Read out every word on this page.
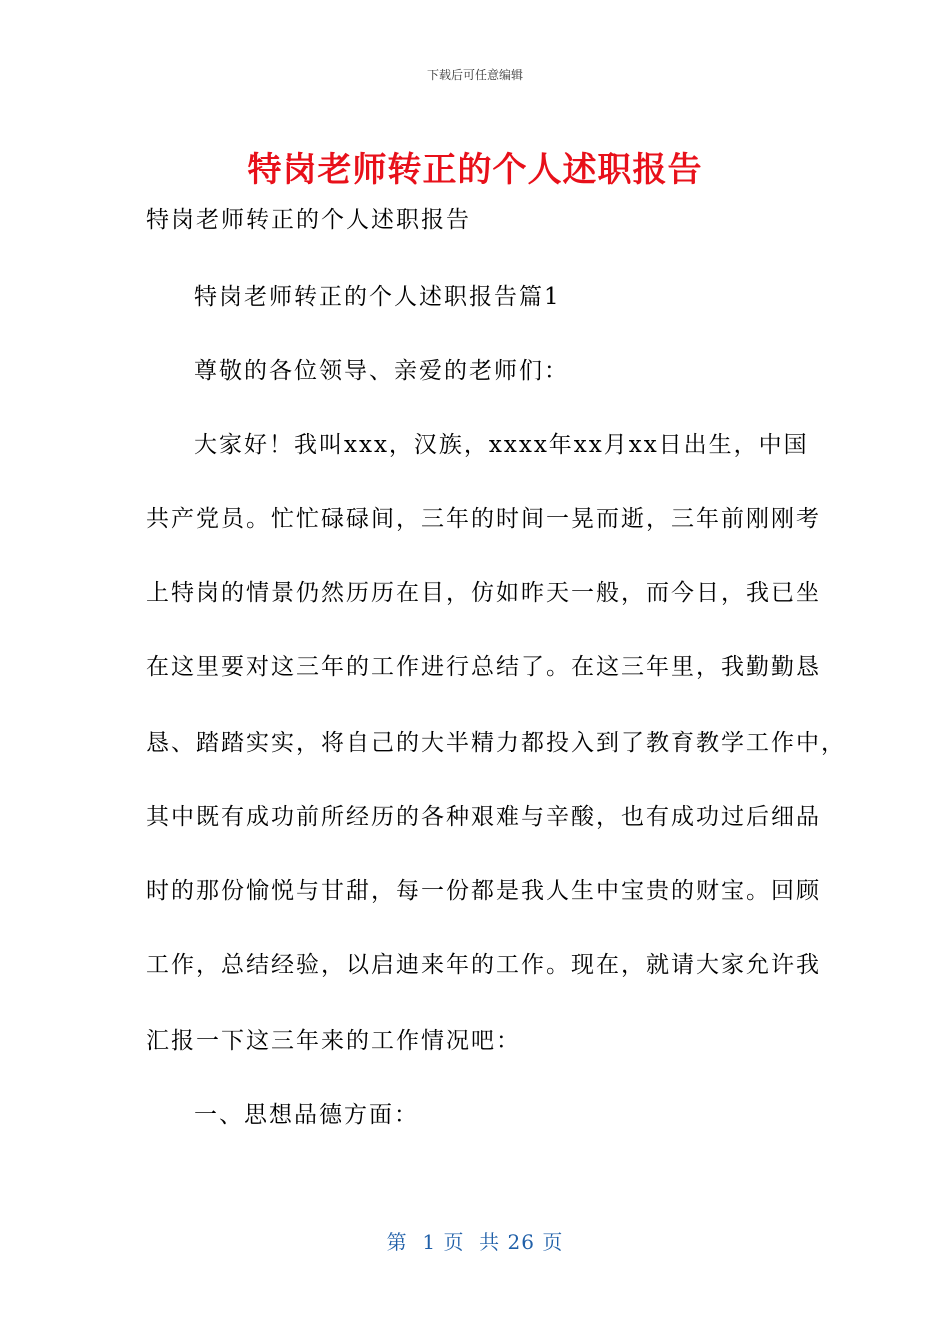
下载后可任意编辑
特岗老师转正的个人述职报告
特岗老师转正的个人述职报告
特岗老师转正的个人述职报告篇1
尊敬的各位领导、亲爱的老师们：
大家好！我叫xxx，汉族，xxxx年xx月xx日出生，中国
共产党员。忙忙碌碌间，三年的时间一晃而逝，三年前刚刚考
上特岗的情景仍然历历在目，仿如昨天一般，而今日，我已坐
在这里要对这三年的工作进行总结了。在这三年里，我勤勤恳
恳、踏踏实实，将自己的大半精力都投入到了教育教学工作中，
其中既有成功前所经历的各种艰难与辛酸，也有成功过后细品
时的那份愉悦与甘甜，每一份都是我人生中宝贵的财宝。回顾
工作，总结经验，以启迪来年的工作。现在，就请大家允许我
汇报一下这三年来的工作情况吧：
一、思想品德方面：
第  1 页  共 26 页
